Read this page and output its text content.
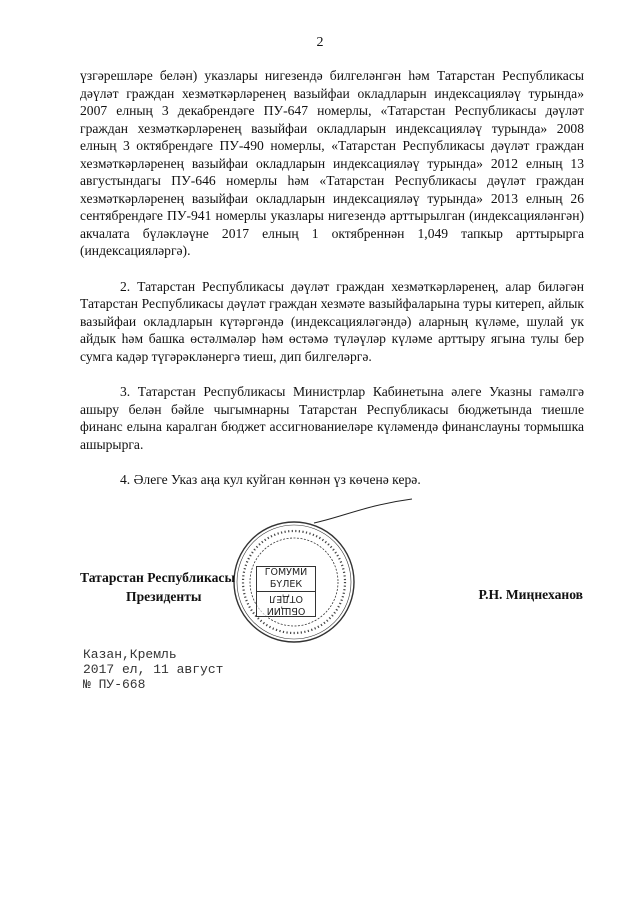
2

үзгәрешләре белән) указлары нигезендә билгеләнгән һәм Татарстан Республикасы дәүләт граждан хезмәткәрләренең вазыйфаи окладларын индексацияләү турында» 2007 елның 3 декабрендәге ПУ-647 номерлы, «Татарстан Республикасы дәүләт граждан хезмәткәрләренең вазыйфаи окладларын индексацияләү турында» 2008 елның 3 октябрендәге ПУ-490 номерлы, «Татарстан Республикасы дәүләт граждан хезмәткәрләренең вазыйфаи окладларын индексацияләү турында» 2012 елның 13 августындагы ПУ-646 номерлы һәм «Татарстан Республикасы дәүләт граждан хезмәткәрләренең вазыйфаи окладларын индексацияләү турында» 2013 елның 26 сентябрендәге ПУ-941 номерлы указлары нигезендә арттырылган (индексацияләнгән) акчалата бүләкләүне 2017 елның 1 октябреннән 1,049 тапкыр арттырырга (индексацияләргә).

2. Татарстан Республикасы дәүләт граждан хезмәткәрләренең, алар биләгән Татарстан Республикасы дәүләт граждан хезмәте вазыйфаларына туры китереп, айлык вазыйфаи окладларын күтәргәндә (индексацияләгәндә) аларның күләме, шулай ук айдык һәм башка өстәлмәләр һәм өстәмә түләүләр күләме арттыру ягына тулы бер сумга кадәр түгәрәкләнергә тиеш, дип билгеләргә.

3. Татарстан Республикасы Министрлар Кабинетына әлеге Указны гамәлгә ашыру белән бәйле чыгымнарны Татарстан Республикасы бюджетында тиешле финанс елына каралган бюджет ассигнованиеләре күләмендә финанслауны тормышка ашырырга.

4. Әлеге Указ аңа кул куйган көннән үз көченә керә.

ГОМУМИ
БҮЛЕК
ОТДЕЛ
ОБЩИЙ
Татарстан Республикасы
Президенты	Р.Н. Миңнеханов
Казан,Кремль
2017 ел, 11 август
№ ПУ-668
